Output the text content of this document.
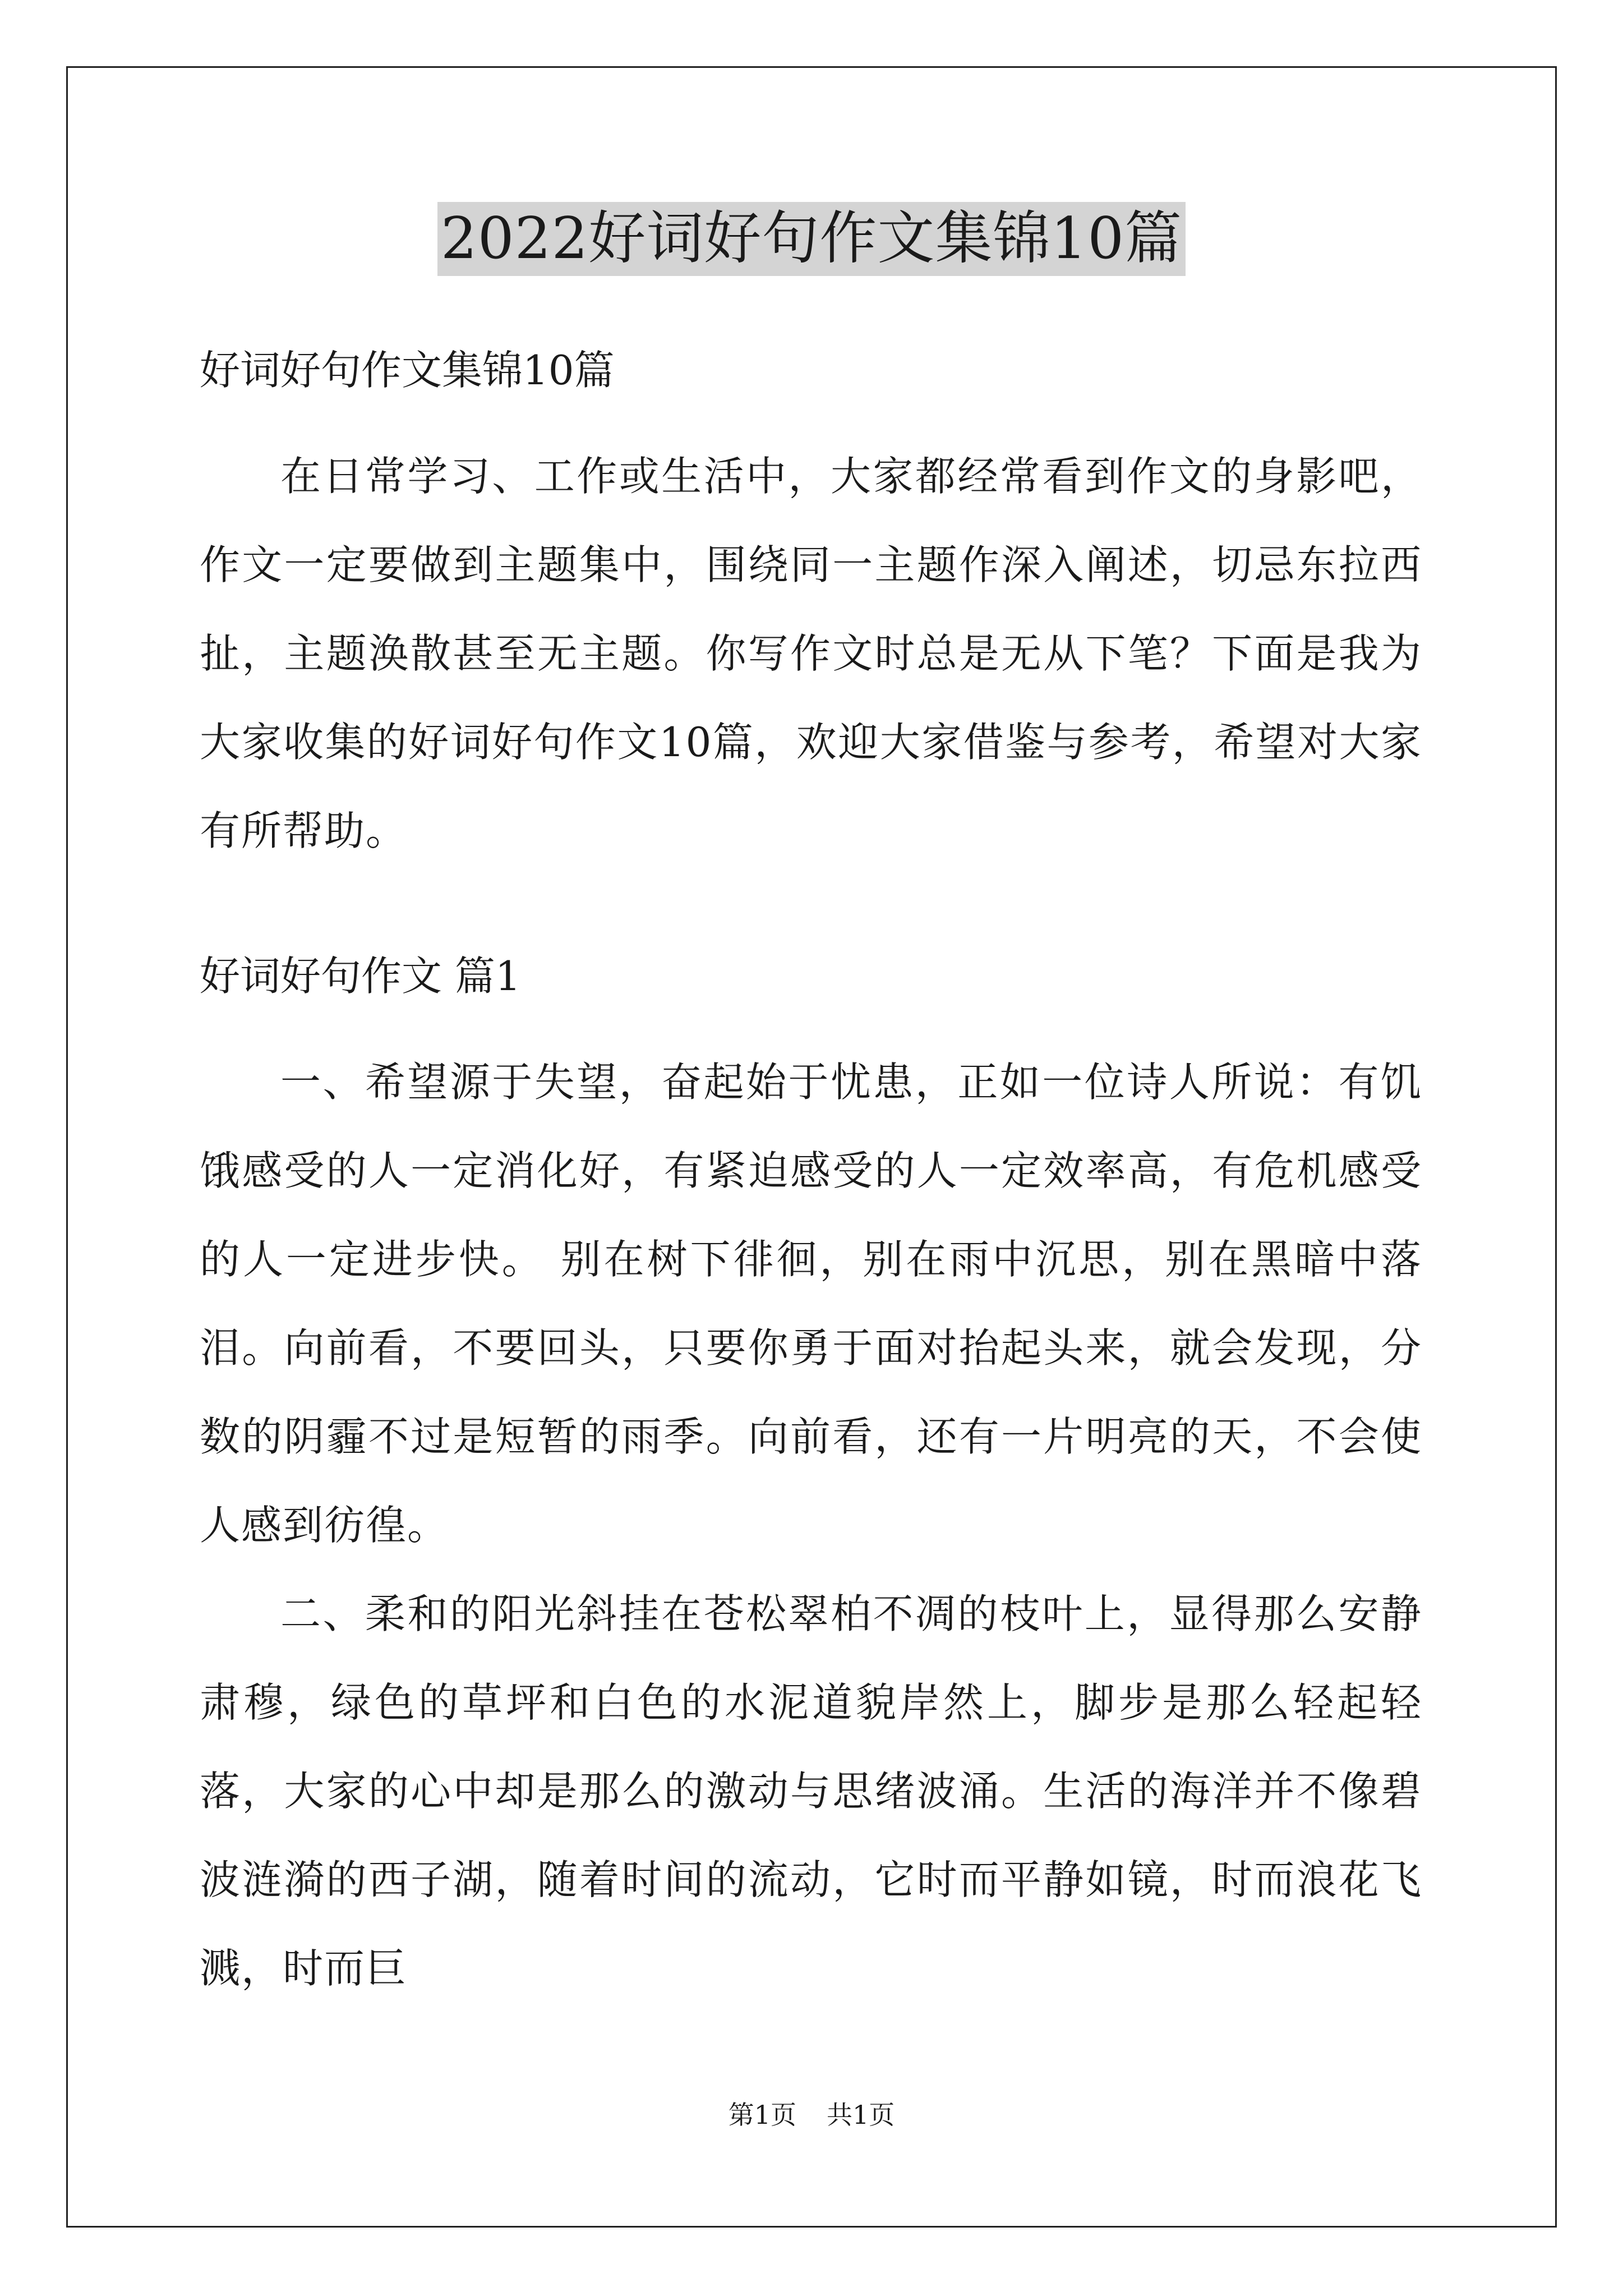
2022好词好句作文集锦10篇

好词好句作文集锦10篇

在日常学习、工作或生活中，大家都经常看到作文的身影吧，作文一定要做到主题集中，围绕同一主题作深入阐述，切忌东拉西扯，主题涣散甚至无主题。你写作文时总是无从下笔？下面是我为大家收集的好词好句作文10篇，欢迎大家借鉴与参考，希望对大家有所帮助。

好词好句作文 篇1

一、希望源于失望，奋起始于忧患，正如一位诗人所说：有饥饿感受的人一定消化好，有紧迫感受的人一定效率高，有危机感受的人一定进步快。 别在树下徘徊，别在雨中沉思，别在黑暗中落泪。向前看，不要回头，只要你勇于面对抬起头来，就会发现，分数的阴霾不过是短暂的雨季。向前看，还有一片明亮的天，不会使人感到彷徨。

二、柔和的阳光斜挂在苍松翠柏不凋的枝叶上，显得那么安静肃穆，绿色的草坪和白色的水泥道貌岸然上，脚步是那么轻起轻落，大家的心中却是那么的激动与思绪波涌。生活的海洋并不像碧波涟漪的西子湖，随着时间的流动，它时而平静如镜，时而浪花飞溅，时而巨

第1页 共1页
